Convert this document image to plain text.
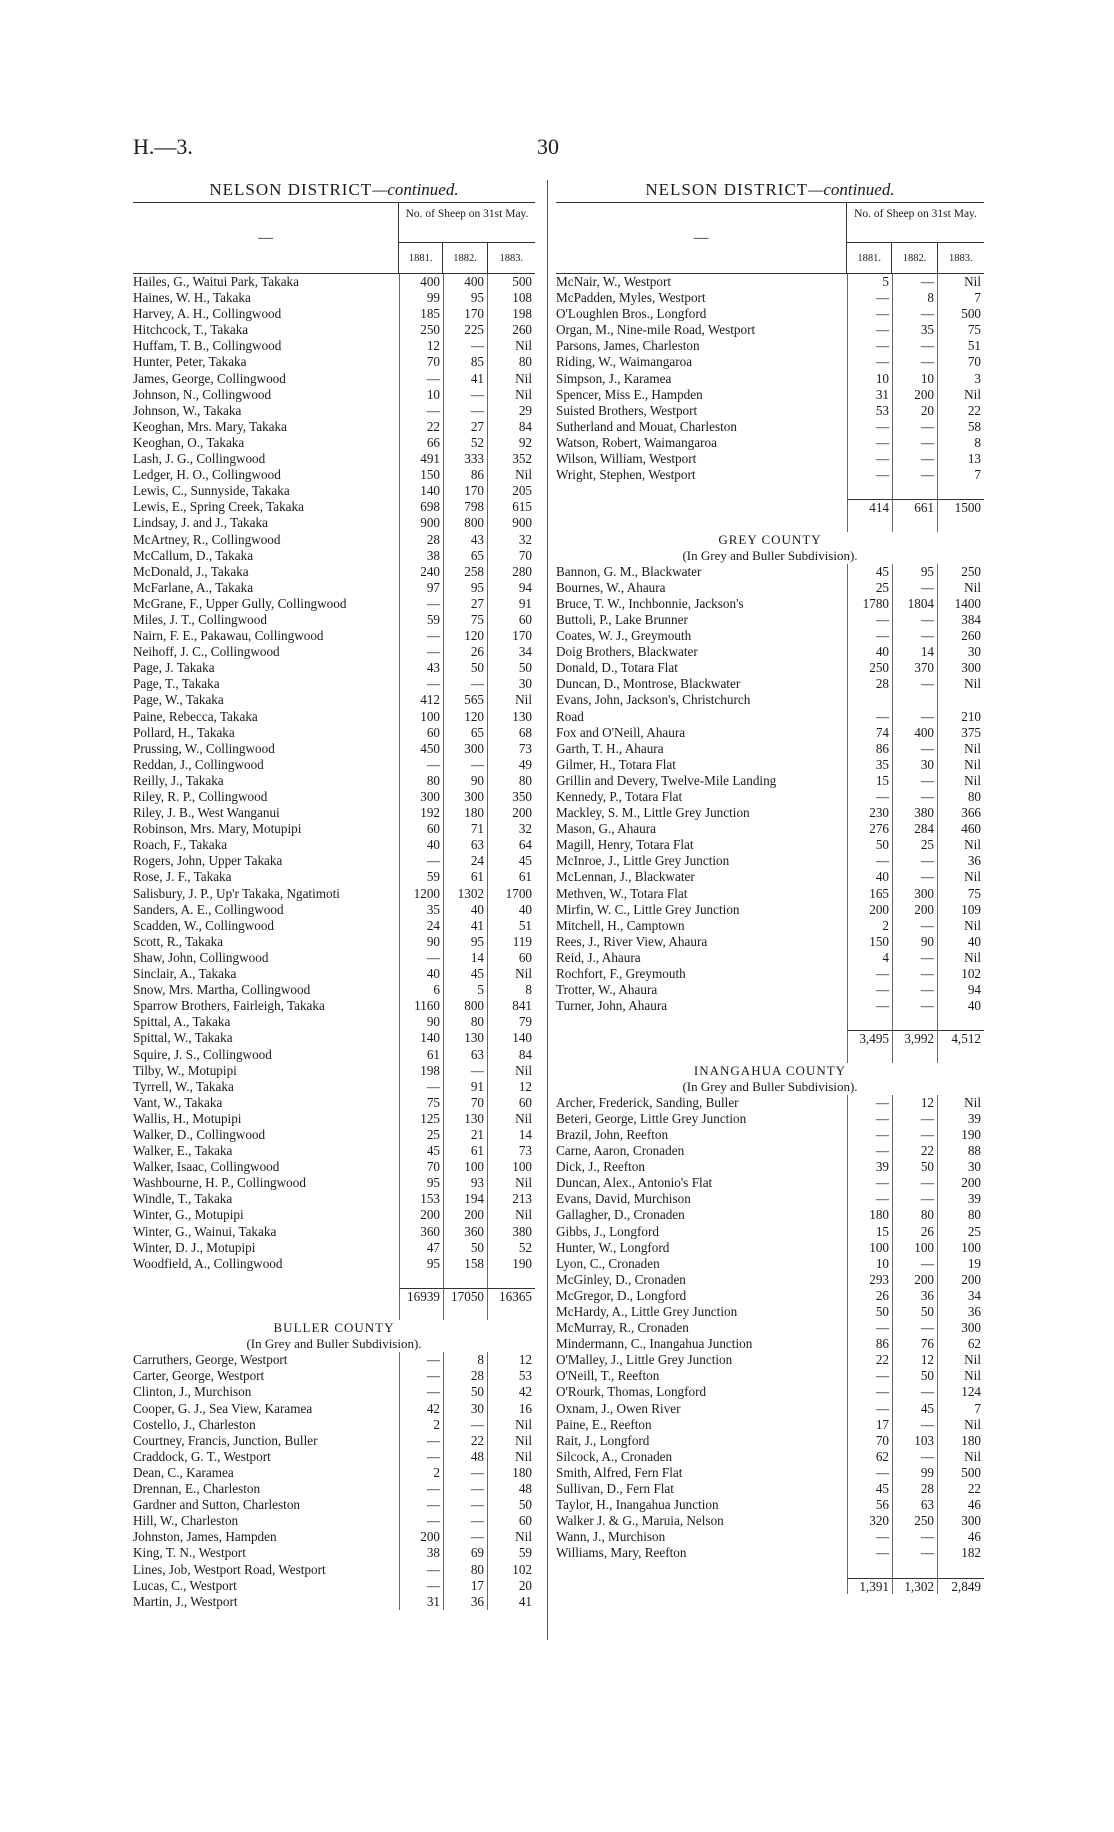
H.—3.	30
NELSON DISTRICT—continued.
—
No. of Sheep on 31st May.
1881.	1882.	1883.
Hailes, G., Waitui Park, Takaka	400	400	500
Haines, W. H., Takaka	99	95	108
Harvey, A. H., Collingwood	185	170	198
Hitchcock, T., Takaka	250	225	260
Huffam, T. B., Collingwood	12	—	Nil
Hunter, Peter, Takaka	70	85	80
James, George, Collingwood	—	41	Nil
Johnson, N., Collingwood	10	—	Nil
Johnson, W., Takaka	—	—	29
Keoghan, Mrs. Mary, Takaka	22	27	84
Keoghan, O., Takaka	66	52	92
Lash, J. G., Collingwood	491	333	352
Ledger, H. O., Collingwood	150	86	Nil
Lewis, C., Sunnyside, Takaka	140	170	205
Lewis, E., Spring Creek, Takaka	698	798	615
Lindsay, J. and J., Takaka	900	800	900
McArtney, R., Collingwood	28	43	32
McCallum, D., Takaka	38	65	70
McDonald, J., Takaka	240	258	280
McFarlane, A., Takaka	97	95	94
McGrane, F., Upper Gully, Collingwood	—	27	91
Miles, J. T., Collingwood	59	75	60
Nairn, F. E., Pakawau, Collingwood	—	120	170
Neihoff, J. C., Collingwood	—	26	34
Page, J. Takaka	43	50	50
Page, T., Takaka	—	—	30
Page, W., Takaka	412	565	Nil
Paine, Rebecca, Takaka	100	120	130
Pollard, H., Takaka	60	65	68
Prussing, W., Collingwood	450	300	73
Reddan, J., Collingwood	—	—	49
Reilly, J., Takaka	80	90	80
Riley, R. P., Collingwood	300	300	350
Riley, J. B., West Wanganui	192	180	200
Robinson, Mrs. Mary, Motupipi	60	71	32
Roach, F., Takaka	40	63	64
Rogers, John, Upper Takaka	—	24	45
Rose, J. F., Takaka	59	61	61
Salisbury, J. P., Up'r Takaka, Ngatimoti	1200	1302	1700
Sanders, A. E., Collingwood	35	40	40
Scadden, W., Collingwood	24	41	51
Scott, R., Takaka	90	95	119
Shaw, John, Collingwood	—	14	60
Sinclair, A., Takaka	40	45	Nil
Snow, Mrs. Martha, Collingwood	6	5	8
Sparrow Brothers, Fairleigh, Takaka	1160	800	841
Spittal, A., Takaka	90	80	79
Spittal, W., Takaka	140	130	140
Squire, J. S., Collingwood	61	63	84
Tilby, W., Motupipi	198	—	Nil
Tyrrell, W., Takaka	—	91	12
Vant, W., Takaka	75	70	60
Wallis, H., Motupipi	125	130	Nil
Walker, D., Collingwood	25	21	14
Walker, E., Takaka	45	61	73
Walker, Isaac, Collingwood	70	100	100
Washbourne, H. P., Collingwood	95	93	Nil
Windle, T., Takaka	153	194	213
Winter, G., Motupipi	200	200	Nil
Winter, G., Wainui, Takaka	360	360	380
Winter, D. J., Motupipi	47	50	52
Woodfield, A., Collingwood	95	158	190
16939 17050	16365
BULLER COUNTY
(In Grey and Buller Subdivision).
Carruthers, George, Westport	—	8	12
Carter, George, Westport	—	28	53
Clinton, J., Murchison	—	50	42
Cooper, G. J., Sea View, Karamea	42	30	16
Costello, J., Charleston	2	—	Nil
Courtney, Francis, Junction, Buller	—	22	Nil
Craddock, G. T., Westport	—	48	Nil
Dean, C., Karamea	2	—	180
Drennan, E., Charleston	—	—	48
Gardner and Sutton, Charleston	—	—	50
Hill, W., Charleston	—	—	60
Johnston, James, Hampden	200	—	Nil
King, T. N., Westport	38	69	59
Lines, Job, Westport Road, Westport	—	80	102
Lucas, C., Westport	—	17	20
Martin, J., Westport	31	36	41
NELSON DISTRICT—continued.
—
No. of Sheep on 31st May.
1881.	1882.	1883.
McNair, W., Westport	5	—	Nil
McPadden, Myles, Westport	—	8	7
O'Loughlen Bros., Longford	—	—	500
Organ, M., Nine-mile Road, Westport	—	35	75
Parsons, James, Charleston	—	—	51
Riding, W., Waimangaroa	—	—	70
Simpson, J., Karamea	10	10	3
Spencer, Miss E., Hampden	31	200	Nil
Suisted Brothers, Westport	53	20	22
Sutherland and Mouat, Charleston	—	—	58
Watson, Robert, Waimangaroa	—	—	8
Wilson, William, Westport	—	—	13
Wright, Stephen, Westport	—	—	7
414	661	1500
GREY COUNTY
(In Grey and Buller Subdivision).
Bannon, G. M., Blackwater	45	95	250
Bournes, W., Ahaura	25	—	Nil
Bruce, T. W., Inchbonnie, Jackson's	1780	1804	1400
Buttoli, P., Lake Brunner	—	—	384
Coates, W. J., Greymouth	—	—	260
Doig Brothers, Blackwater	40	14	30
Donald, D., Totara Flat	250	370	300
Duncan, D., Montrose, Blackwater	28	—	Nil
Evans, John, Jackson's, Christchurch
Road	—	—	210
Fox and O'Neill, Ahaura	74	400	375
Garth, T. H., Ahaura	86	—	Nil
Gilmer, H., Totara Flat	35	30	Nil
Grillin and Devery, Twelve-Mile Landing	15	—	Nil
Kennedy, P., Totara Flat	—	—	80
Mackley, S. M., Little Grey Junction	230	380	366
Mason, G., Ahaura	276	284	460
Magill, Henry, Totara Flat	50	25	Nil
McInroe, J., Little Grey Junction	—	—	36
McLennan, J., Blackwater	40	—	Nil
Methven, W., Totara Flat	165	300	75
Mirfin, W. C., Little Grey Junction	200	200	109
Mitchell, H., Camptown	2	—	Nil
Rees, J., River View, Ahaura	150	90	40
Reid, J., Ahaura	4	—	Nil
Rochfort, F., Greymouth	—	—	102
Trotter, W., Ahaura	—	—	94
Turner, John, Ahaura	—	—	40
3,495	3,992	4,512
INANGAHUA COUNTY
(In Grey and Buller Subdivision).
Archer, Frederick, Sanding, Buller	—	12	Nil
Beteri, George, Little Grey Junction	—	—	39
Brazil, John, Reefton	—	—	190
Carne, Aaron, Cronaden	—	22	88
Dick, J., Reefton	39	50	30
Duncan, Alex., Antonio's Flat	—	—	200
Evans, David, Murchison	—	—	39
Gallagher, D., Cronaden	180	80	80
Gibbs, J., Longford	15	26	25
Hunter, W., Longford	100	100	100
Lyon, C., Cronaden	10	—	19
McGinley, D., Cronaden	293	200	200
McGregor, D., Longford	26	36	34
McHardy, A., Little Grey Junction	50	50	36
McMurray, R., Cronaden	—	—	300
Mindermann, C., Inangahua Junction	86	76	62
O'Malley, J., Little Grey Junction	22	12	Nil
O'Neill, T., Reefton	—	50	Nil
O'Rourk, Thomas, Longford	—	—	124
Oxnam, J., Owen River	—	45	7
Paine, E., Reefton	17	—	Nil
Rait, J., Longford	70	103	180
Silcock, A., Cronaden	62	—	Nil
Smith, Alfred, Fern Flat	—	99	500
Sullivan, D., Fern Flat	45	28	22
Taylor, H., Inangahua Junction	56	63	46
Walker J. & G., Maruia, Nelson	320	250	300
Wann, J., Murchison	—	—	46
Williams, Mary, Reefton	—	—	182
1,391	1,302	2,849
